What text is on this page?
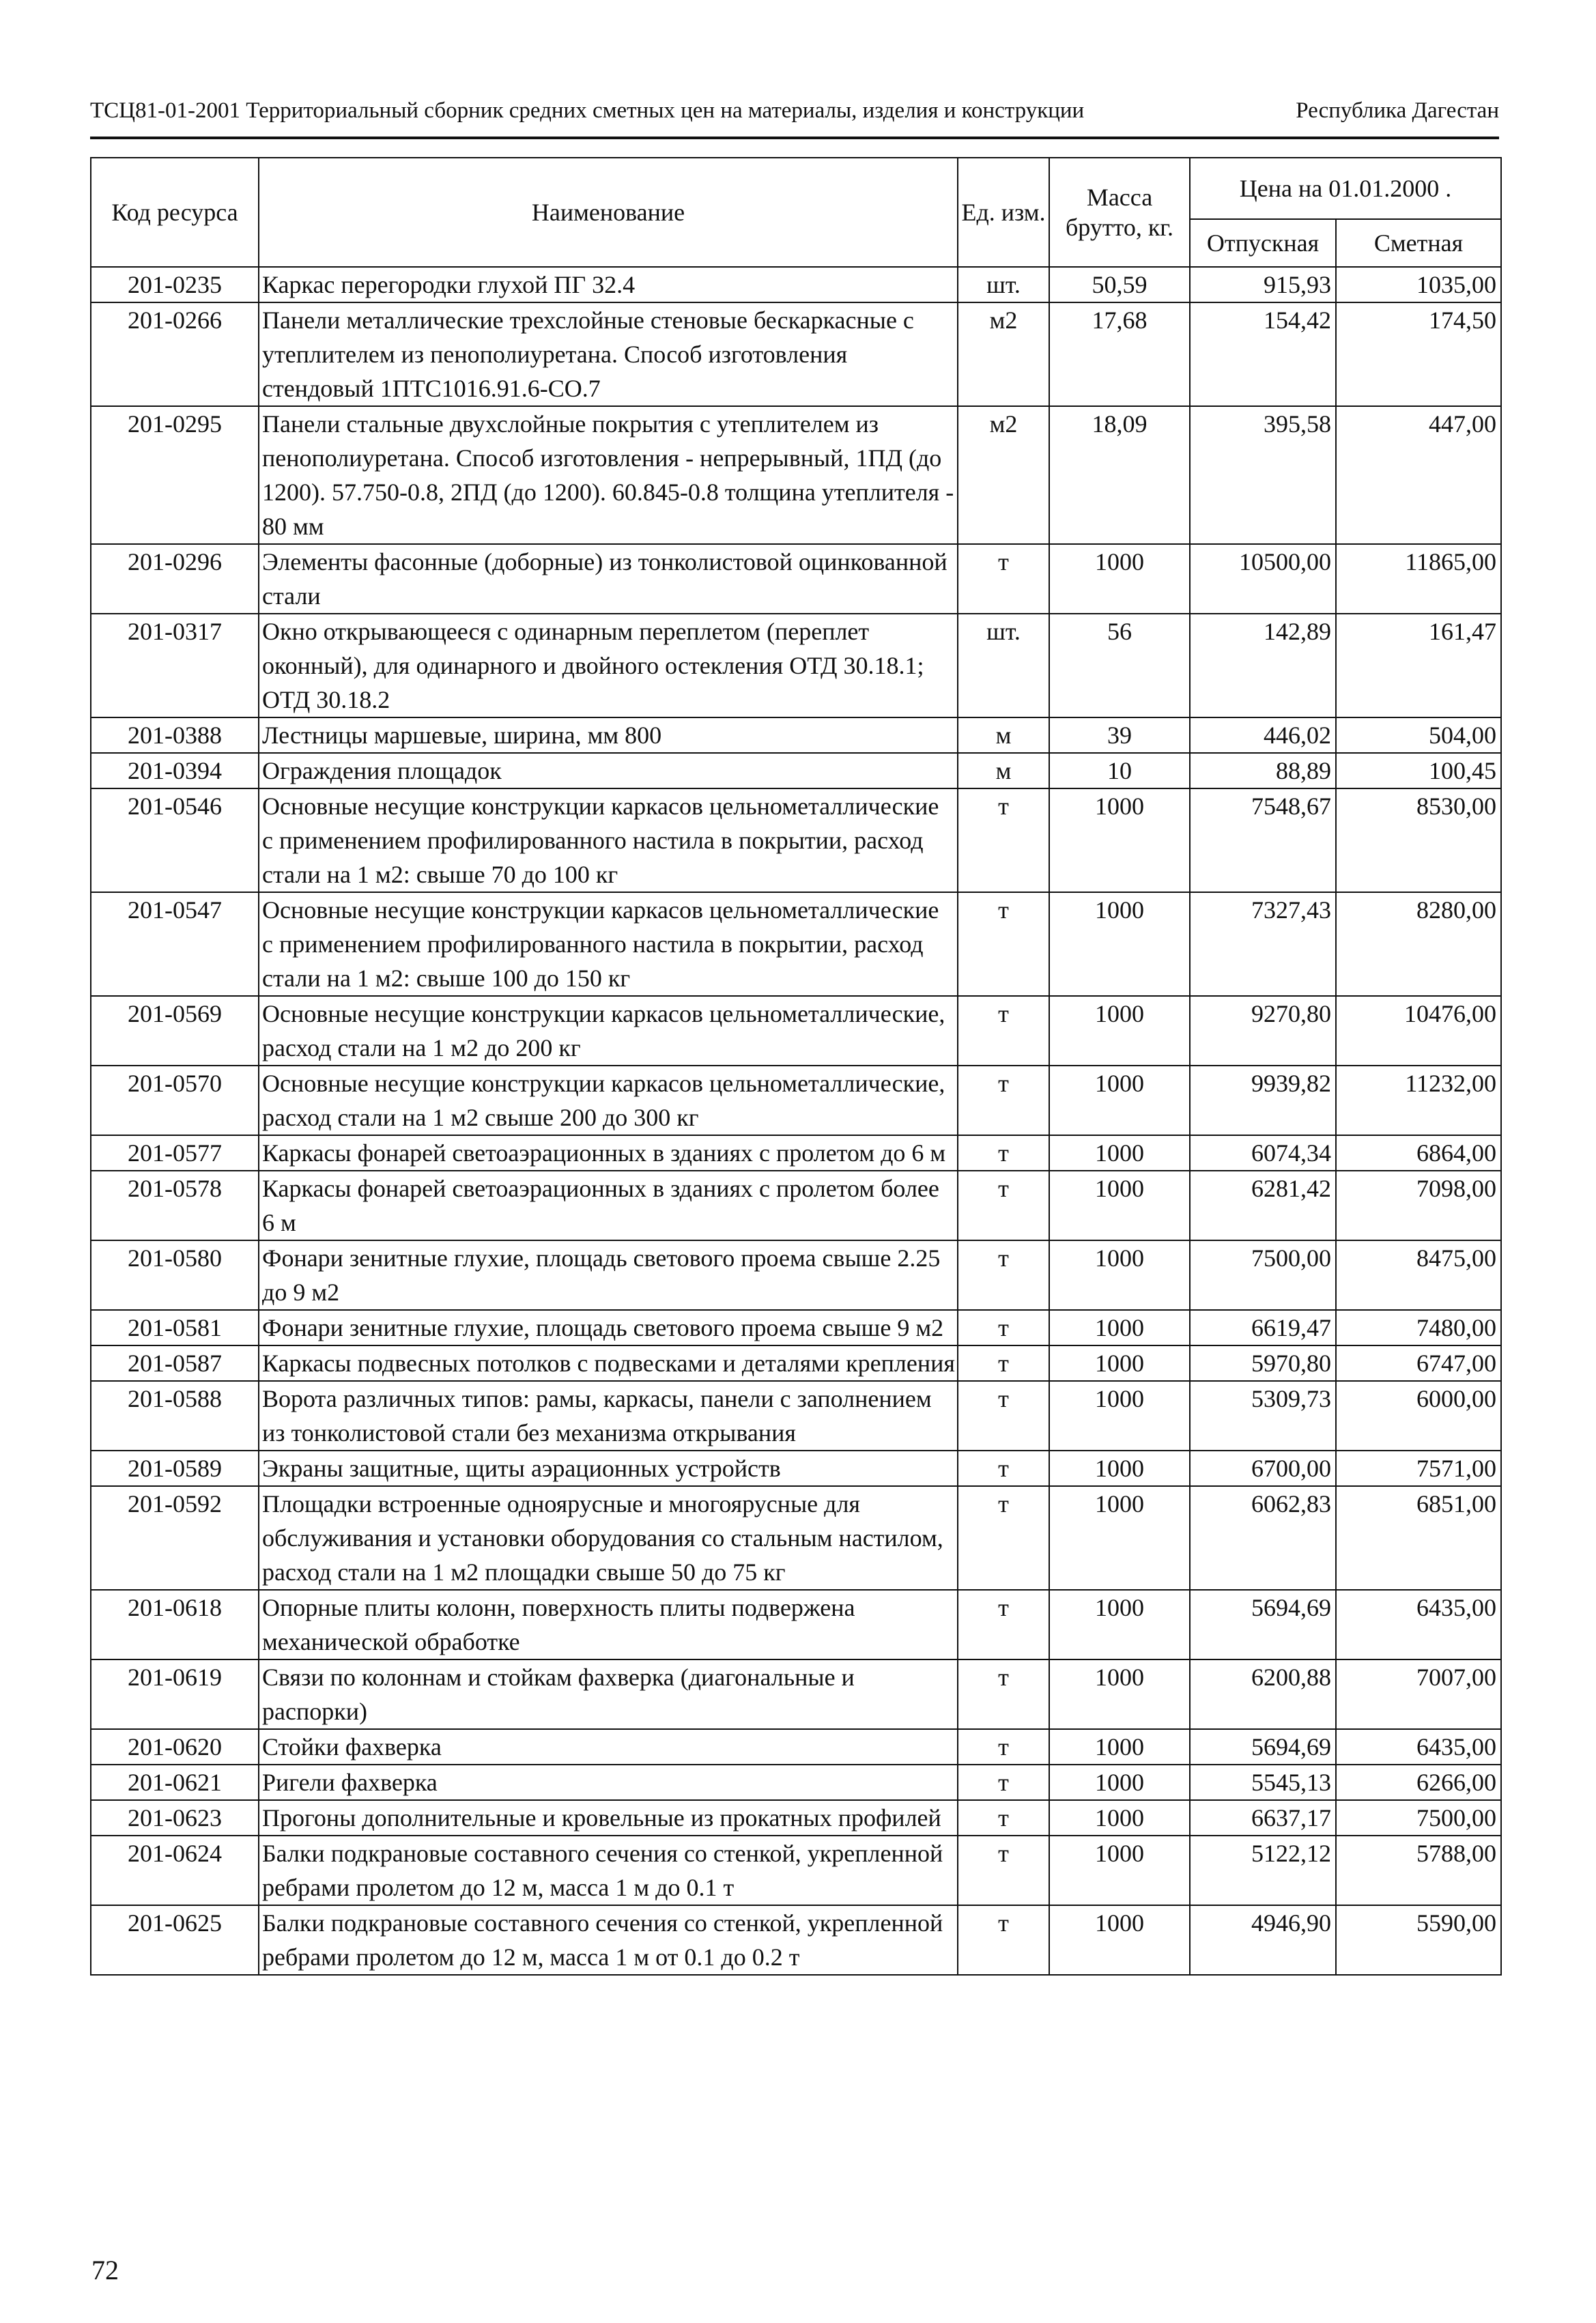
ТСЦ81-01-2001 Территориальный сборник средних сметных цен на материалы, изделия и конструкции	Республика Дагестан
Код ресурса	Наименование	Ед. изм.	Масса брутто, кг.	Цена на 01.01.2000 .	
				Отпускная	Сметная
201-0235	Каркас перегородки глухой ПГ 32.4	шт.	50,59	915,93	1035,00
201-0266	Панели металлические трехслойные стеновые бескаркасные с утеплителем из пенополиуретана. Способ изготовления стендовый 1ПТС1016.91.6-СО.7	м2	17,68	154,42	174,50
201-0295	Панели стальные двухслойные покрытия с утеплителем из пенополиуретана. Способ изготовления - непрерывный, 1ПД (до 1200). 57.750-0.8, 2ПД (до 1200). 60.845-0.8 толщина утеплителя - 80 мм	м2	18,09	395,58	447,00
201-0296	Элементы фасонные (доборные) из тонколистовой оцинкованной стали	т	1000	10500,00	11865,00
201-0317	Окно открывающееся с одинарным переплетом (переплет оконный), для одинарного и двойного остекления ОТД 30.18.1; ОТД 30.18.2	шт.	56	142,89	161,47
201-0388	Лестницы маршевые, ширина, мм 800	м	39	446,02	504,00
201-0394	Ограждения площадок	м	10	88,89	100,45
201-0546	Основные несущие конструкции каркасов цельнометаллические с применением профилированного настила в покрытии, расход стали на 1 м2: свыше 70 до 100 кг	т	1000	7548,67	8530,00
201-0547	Основные несущие конструкции каркасов цельнометаллические с применением профилированного настила в покрытии, расход стали на 1 м2: свыше 100 до 150 кг	т	1000	7327,43	8280,00
201-0569	Основные несущие конструкции каркасов цельнометаллические, расход стали на 1 м2 до 200 кг	т	1000	9270,80	10476,00
201-0570	Основные несущие конструкции каркасов цельнометаллические, расход стали на 1 м2 свыше 200 до 300 кг	т	1000	9939,82	11232,00
201-0577	Каркасы фонарей светоаэрационных в зданиях с пролетом до 6 м	т	1000	6074,34	6864,00
201-0578	Каркасы фонарей светоаэрационных в зданиях с пролетом более 6 м	т	1000	6281,42	7098,00
201-0580	Фонари зенитные глухие, площадь светового проема свыше 2.25 до 9 м2	т	1000	7500,00	8475,00
201-0581	Фонари зенитные глухие, площадь светового проема свыше 9 м2	т	1000	6619,47	7480,00
201-0587	Каркасы подвесных потолков с подвесками и деталями крепления	т	1000	5970,80	6747,00
201-0588	Ворота различных типов: рамы, каркасы, панели с заполнением из тонколистовой стали без механизма открывания	т	1000	5309,73	6000,00
201-0589	Экраны защитные, щиты аэрационных устройств	т	1000	6700,00	7571,00
201-0592	Площадки встроенные одноярусные и многоярусные для обслуживания и установки оборудования со стальным настилом, расход стали на 1 м2 площадки свыше 50 до 75 кг	т	1000	6062,83	6851,00
201-0618	Опорные плиты колонн, поверхность плиты подвержена механической обработке	т	1000	5694,69	6435,00
201-0619	Связи по колоннам и стойкам фахверка (диагональные и распорки)	т	1000	6200,88	7007,00
201-0620	Стойки фахверка	т	1000	5694,69	6435,00
201-0621	Ригели фахверка	т	1000	5545,13	6266,00
201-0623	Прогоны дополнительные и кровельные из прокатных профилей	т	1000	6637,17	7500,00
201-0624	Балки подкрановые составного сечения со стенкой, укрепленной ребрами пролетом до 12 м, масса 1 м до 0.1 т	т	1000	5122,12	5788,00
201-0625	Балки подкрановые составного сечения со стенкой, укрепленной ребрами пролетом до 12 м, масса 1 м от 0.1 до 0.2 т	т	1000	4946,90	5590,00
72
